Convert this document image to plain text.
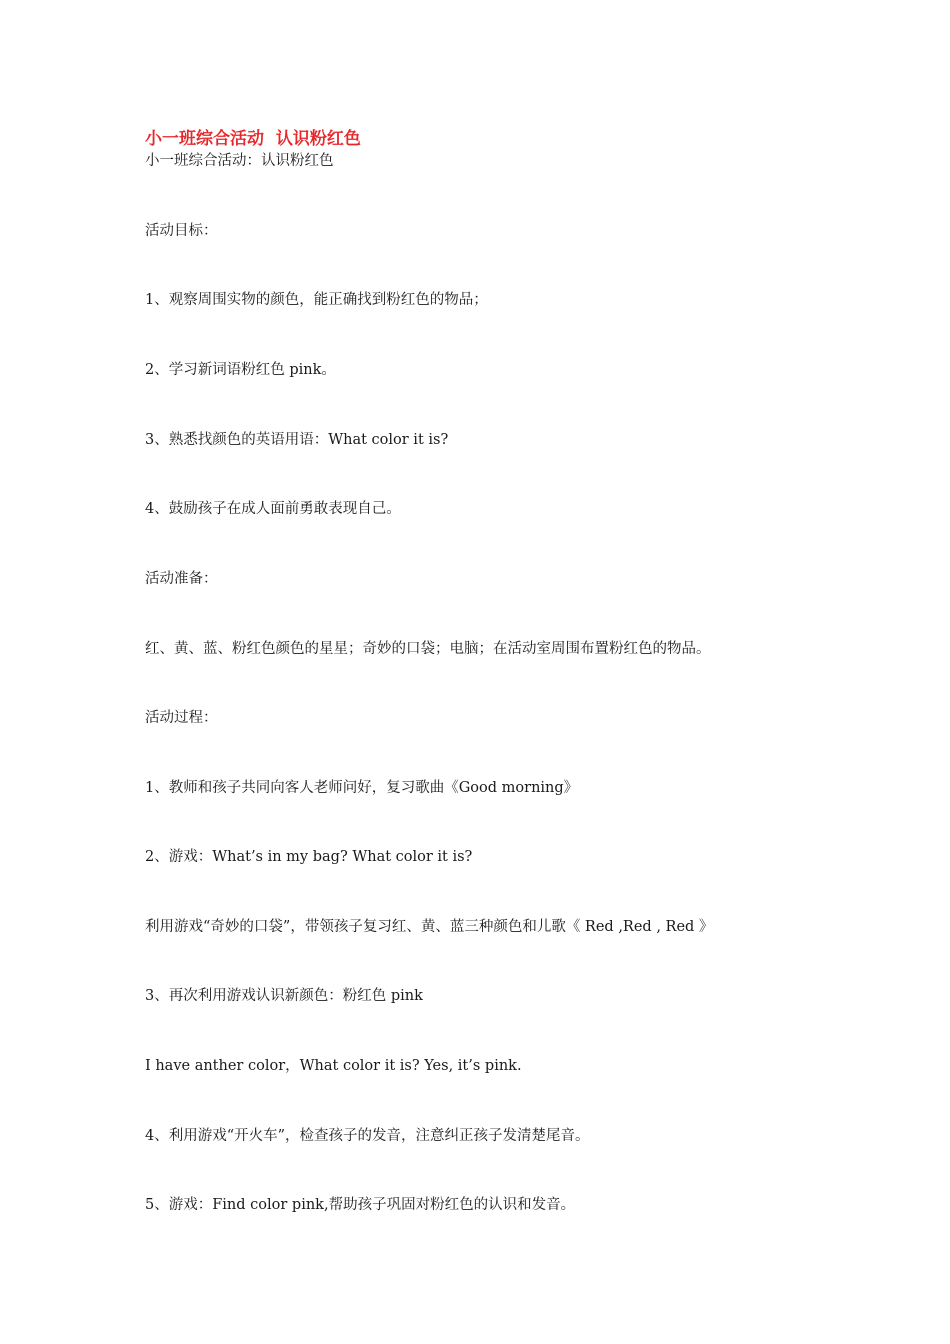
小一班综合活动  认识粉红色

小一班综合活动：认识粉红色

活动目标：

1、观察周围实物的颜色，能正确找到粉红色的物品；

2、学习新词语粉红色 pink。

3、熟悉找颜色的英语用语：What color it is?

4、鼓励孩子在成人面前勇敢表现自己。

活动准备：

红、黄、蓝、粉红色颜色的星星；奇妙的口袋；电脑；在活动室周围布置粉红色的物品。

活动过程：

1、教师和孩子共同向客人老师问好，复习歌曲《Good morning》

2、游戏：What’s in my bag? What color it is?

利用游戏“奇妙的口袋”，带领孩子复习红、黄、蓝三种颜色和儿歌《 Red ,Red , Red 》

3、再次利用游戏认识新颜色：粉红色 pink

I have anther color，What color it is? Yes, it’s pink.

4、利用游戏“开火车”，检查孩子的发音，注意纠正孩子发清楚尾音。

5、游戏：Find color pink,帮助孩子巩固对粉红色的认识和发音。
